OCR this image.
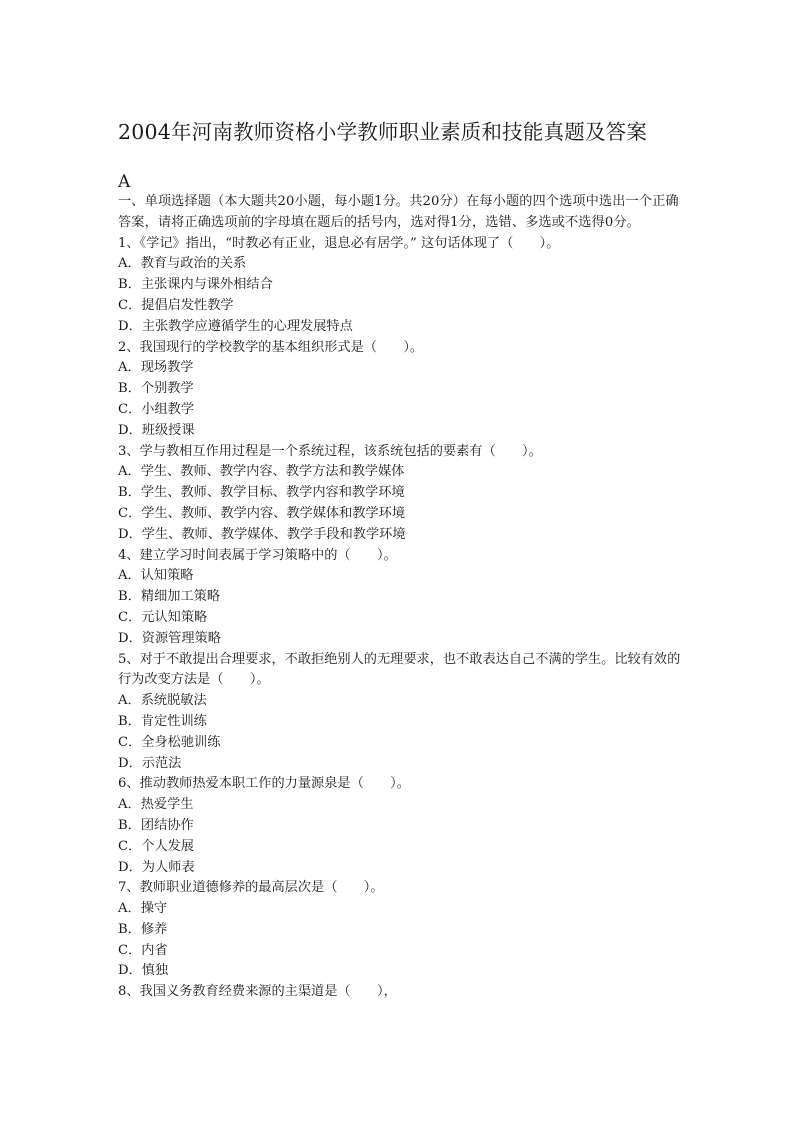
2004年河南教师资格小学教师职业素质和技能真题及答案

A

一、单项选择题（本大题共20小题，每小题1分。共20分）在每小题的四个选项中选出一个正确答案，请将正确选项前的字母填在题后的括号内，选对得1分，选错、多选或不选得0分。

1、《学记》指出，“时教必有正业，退息必有居学。” 这句话体现了（　　）。

A．教育与政治的关系

B．主张课内与课外相结合

C．提倡启发性教学

D．主张教学应遵循学生的心理发展特点

2、我国现行的学校教学的基本组织形式是（　　）。

A．现场教学

B．个别教学

C．小组教学

D．班级授课

3、学与教相互作用过程是一个系统过程，该系统包括的要素有（　　）。

A．学生、教师、教学内容、教学方法和教学媒体

B．学生、教师、教学目标、教学内容和教学环境

C．学生、教师、教学内容、教学媒体和教学环境

D．学生、教师、教学媒体、教学手段和教学环境

4、建立学习时间表属于学习策略中的（　　）。

A．认知策略

B．精细加工策略

C．元认知策略

D．资源管理策略

5、对于不敢提出合理要求，不敢拒绝别人的无理要求，也不敢表达自己不满的学生。比较有效的行为改变方法是（　　）。

A．系统脱敏法

B．肯定性训练

C．全身松驰训练

D．示范法

6、推动教师热爱本职工作的力量源泉是（　　）。

A．热爱学生

B．团结协作

C．个人发展

D．为人师表

7、教师职业道德修养的最高层次是（　　）。

A．操守

B．修养

C．内省

D．慎独

8、我国义务教育经费来源的主渠道是（　　），
